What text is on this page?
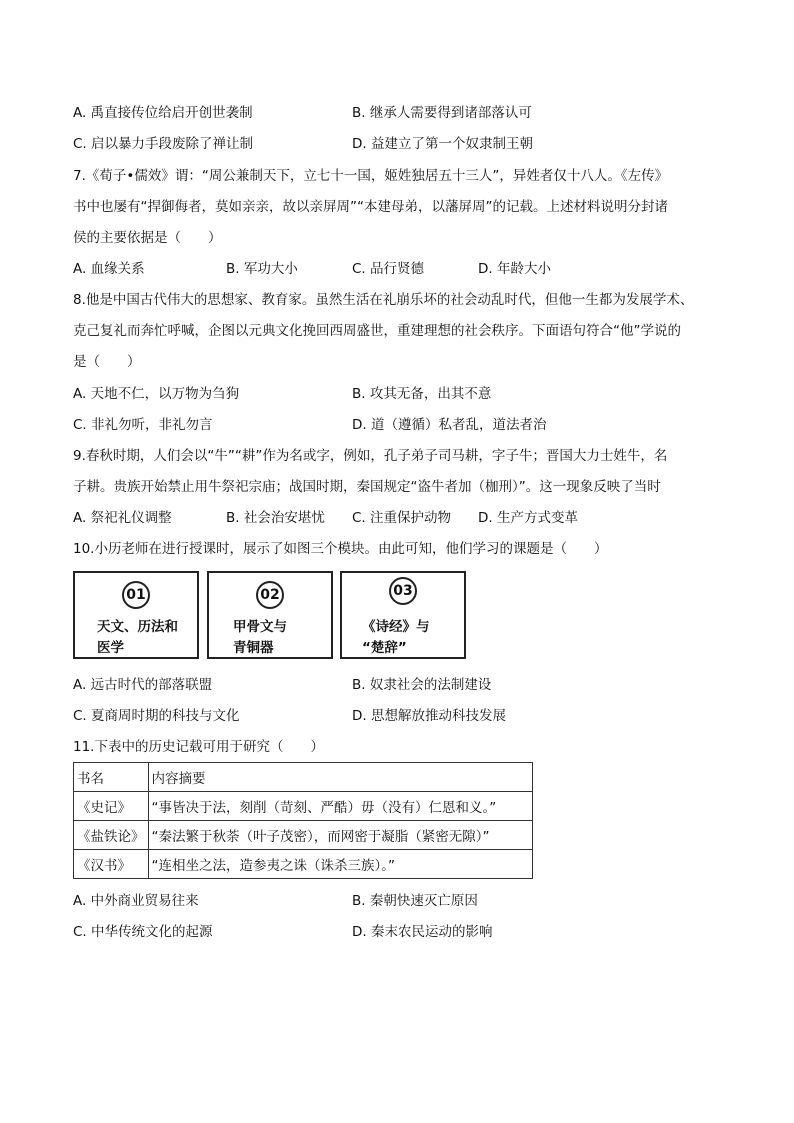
A. 禹直接传位给启开创世袭制	B. 继承人需要得到诸部落认可
C. 启以暴力手段废除了禅让制	D. 益建立了第一个奴隶制王朝
7.《荀子•儒效》谓：“周公兼制天下，立七十一国，姬姓独居五十三人”，异姓者仅十八人。《左传》
书中也屡有“捍御侮者，莫如亲亲，故以亲屏周”“本建母弟，以藩屏周”的记载。上述材料说明分封诸
侯的主要依据是（　　）
A. 血缘关系	B. 军功大小	C. 品行贤德	D. 年龄大小
8.他是中国古代伟大的思想家、教育家。虽然生活在礼崩乐坏的社会动乱时代，但他一生都为发展学术、
克己复礼而奔忙呼喊，企图以元典文化挽回西周盛世，重建理想的社会秩序。下面语句符合“他”学说的
是（　　）
A. 天地不仁，以万物为刍狗	B. 攻其无备，出其不意
C. 非礼勿听，非礼勿言	D. 道（遵循）私者乱，道法者治
9.春秋时期，人们会以“牛”“耕”作为名或字，例如，孔子弟子司马耕，字子牛；晋国大力士姓牛，名
子耕。贵族开始禁止用牛祭祀宗庙；战国时期，秦国规定“盗牛者加（枷刑）”。这一现象反映了当时
A. 祭祀礼仪调整	B. 社会治安堪忧 C. 注重保护动物 D. 生产方式变革
10.小历老师在进行授课时，展示了如图三个模块。由此可知，他们学习的课题是（　　）
01
天文、历法和
医学
02
甲骨文与
青铜器
03
《诗经》与
“楚辞”
A. 远古时代的部落联盟	B. 奴隶社会的法制建设
C. 夏商周时期的科技与文化	D. 思想解放推动科技发展
11.下表中的历史记载可用于研究（　　）
书名	内容摘要
《史记》	“事皆决于法，刻削（苛刻、严酷）毋（没有）仁恩和义。”
《盐铁论》	“秦法繁于秋荼（叶子茂密），而网密于凝脂（紧密无隙）”
《汉书》	“连相坐之法，造参夷之诛（诛杀三族）。”
A. 中外商业贸易往来	B. 秦朝快速灭亡原因
C. 中华传统文化的起源	D. 秦末农民运动的影响
